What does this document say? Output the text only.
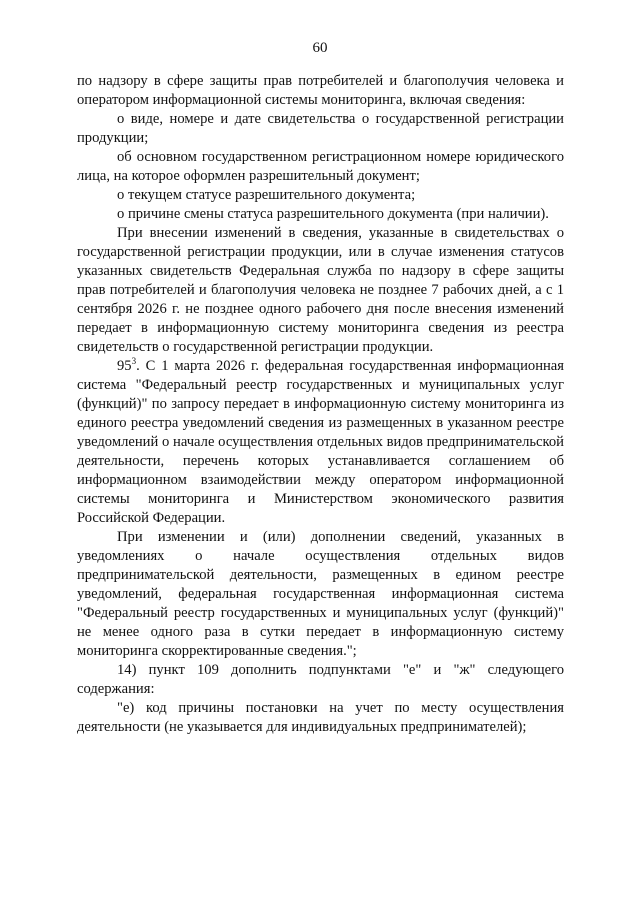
60

по надзору в сфере защиты прав потребителей и благополучия человека и оператором информационной системы мониторинга, включая сведения:

о виде, номере и дате свидетельства о государственной регистрации продукции;

об основном государственном регистрационном номере юридического лица, на которое оформлен разрешительный документ;

о текущем статусе разрешительного документа;

о причине смены статуса разрешительного документа (при наличии).

При внесении изменений в сведения, указанные в свидетельствах о государственной регистрации продукции, или в случае изменения статусов указанных свидетельств Федеральная служба по надзору в сфере защиты прав потребителей и благополучия человека не позднее 7 рабочих дней, а с 1 сентября 2026 г. не позднее одного рабочего дня после внесения изменений передает в информационную систему мониторинга сведения из реестра свидетельств о государственной регистрации продукции.

$95^3$. С 1 марта 2026 г. федеральная государственная информационная система "Федеральный реестр государственных и муниципальных услуг (функций)" по запросу передает в информационную систему мониторинга из единого реестра уведомлений сведения из размещенных в указанном реестре уведомлений о начале осуществления отдельных видов предпринимательской деятельности, перечень которых устанавливается соглашением об информационном взаимодействии между оператором информационной системы мониторинга и Министерством экономического развития Российской Федерации.

При изменении и (или) дополнении сведений, указанных в уведомлениях о начале осуществления отдельных видов предпринимательской деятельности, размещенных в едином реестре уведомлений, федеральная государственная информационная система "Федеральный реестр государственных и муниципальных услуг (функций)" не менее одного раза в сутки передает в информационную систему мониторинга скорректированные сведения.";

14) пункт 109 дополнить подпунктами "е" и "ж" следующего содержания:

"е) код причины постановки на учет по месту осуществления деятельности (не указывается для индивидуальных предпринимателей);
